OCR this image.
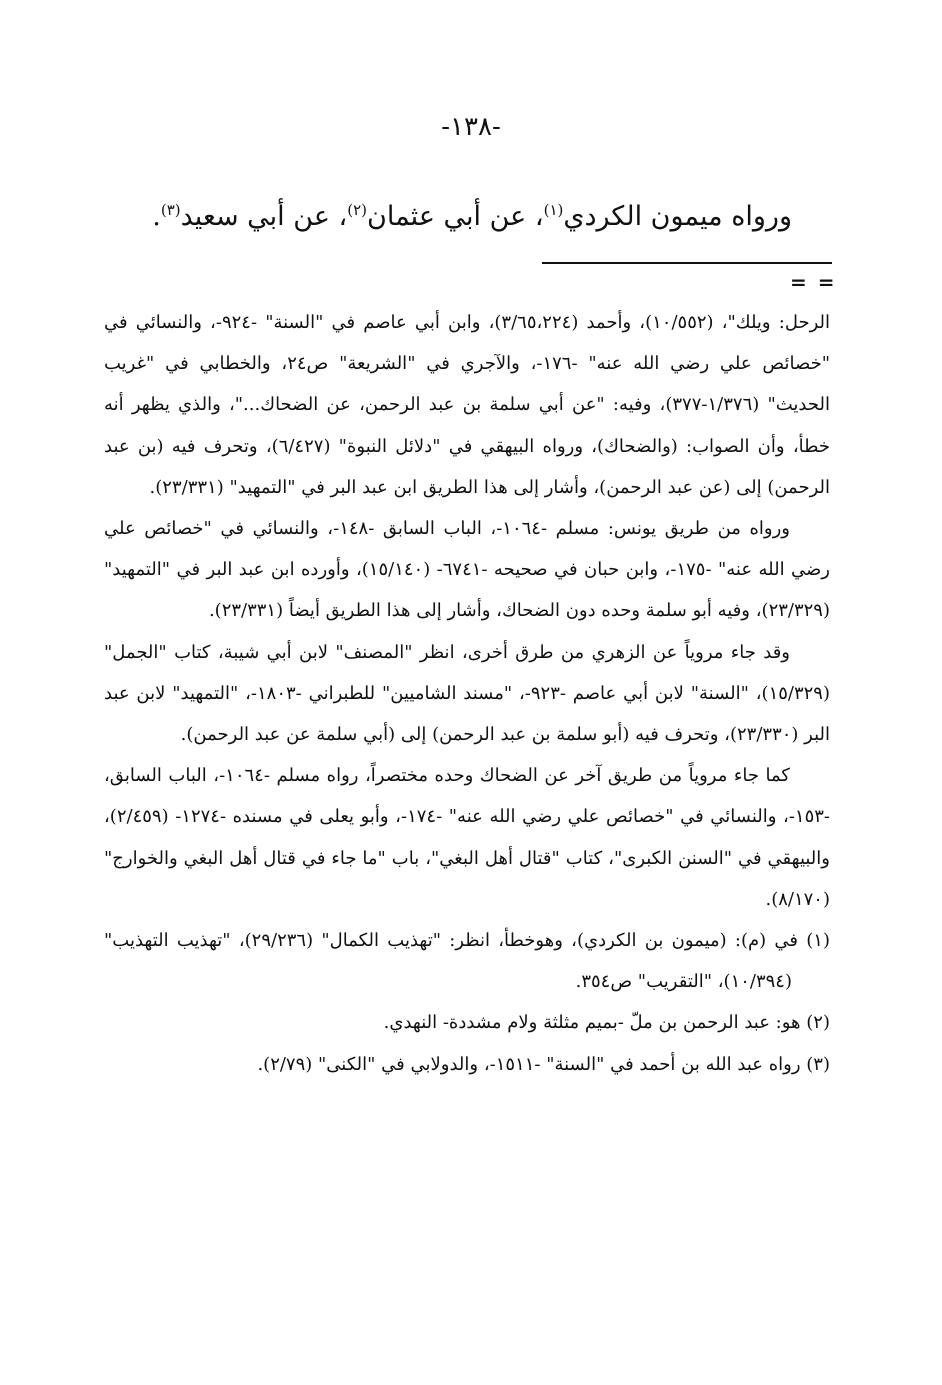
-١٣٨-
ورواه ميمون الكردي$^{(١)}$، عن أبي عثمان$^{(٢)}$، عن أبي سعيد$^{(٣)}$.
= =

الرحل: ويلك"، (١٠/٥٥٢)، وأحمد (٣/٦٥،٢٢٤)، وابن أبي عاصم في "السنة" -٩٢٤-، والنسائي في "خصائص علي رضي الله عنه" -١٧٦-، والآجري في "الشريعة" ص٢٤، والخطابي في "غريب الحديث" (١/٣٧٦-٣٧٧)، وفيه: "عن أبي سلمة بن عبد الرحمن، عن الضحاك..."، والذي يظهر أنه خطأ، وأن الصواب: (والضحاك)، ورواه البيهقي في "دلائل النبوة" (٦/٤٢٧)، وتحرف فيه (بن عبد الرحمن) إلى (عن عبد الرحمن)، وأشار إلى هذا الطريق ابن عبد البر في "التمهيد" (٢٣/٣٣١).

ورواه من طريق يونس: مسلم -١٠٦٤-، الباب السابق -١٤٨-، والنسائي في "خصائص علي رضي الله عنه" -١٧٥-، وابن حبان في صحيحه -٦٧٤١- (١٥/١٤٠)، وأورده ابن عبد البر في "التمهيد" (٢٣/٣٢٩)، وفيه أبو سلمة وحده دون الضحاك، وأشار إلى هذا الطريق أيضاً (٢٣/٣٣١).

وقد جاء مروياً عن الزهري من طرق أخرى، انظر "المصنف" لابن أبي شيبة، كتاب "الجمل" (١٥/٣٢٩)، "السنة" لابن أبي عاصم -٩٢٣-، "مسند الشاميين" للطبراني -١٨٠٣-، "التمهيد" لابن عبد البر (٢٣/٣٣٠)، وتحرف فيه (أبو سلمة بن عبد الرحمن) إلى (أبي سلمة عن عبد الرحمن).

كما جاء مروياً من طريق آخر عن الضحاك وحده مختصراً، رواه مسلم -١٠٦٤-، الباب السابق، -١٥٣-، والنسائي في "خصائص علي رضي الله عنه" -١٧٤-، وأبو يعلى في مسنده -١٢٧٤- (٢/٤٥٩)، والبيهقي في "السنن الكبرى"، كتاب "قتال أهل البغي"، باب "ما جاء في قتال أهل البغي والخوارج" (٨/١٧٠).

(١) في (م): (ميمون بن الكردي)، وهوخطأ، انظر: "تهذيب الكمال" (٢٩/٢٣٦)، "تهذيب التهذيب" (١٠/٣٩٤)، "التقريب" ص٣٥٤.

(٢) هو: عبد الرحمن بن ملّ -بميم مثلثة ولام مشددة- النهدي.

(٣) رواه عبد الله بن أحمد في "السنة" -١٥١١-، والدولابي في "الكنى" (٢/٧٩).
